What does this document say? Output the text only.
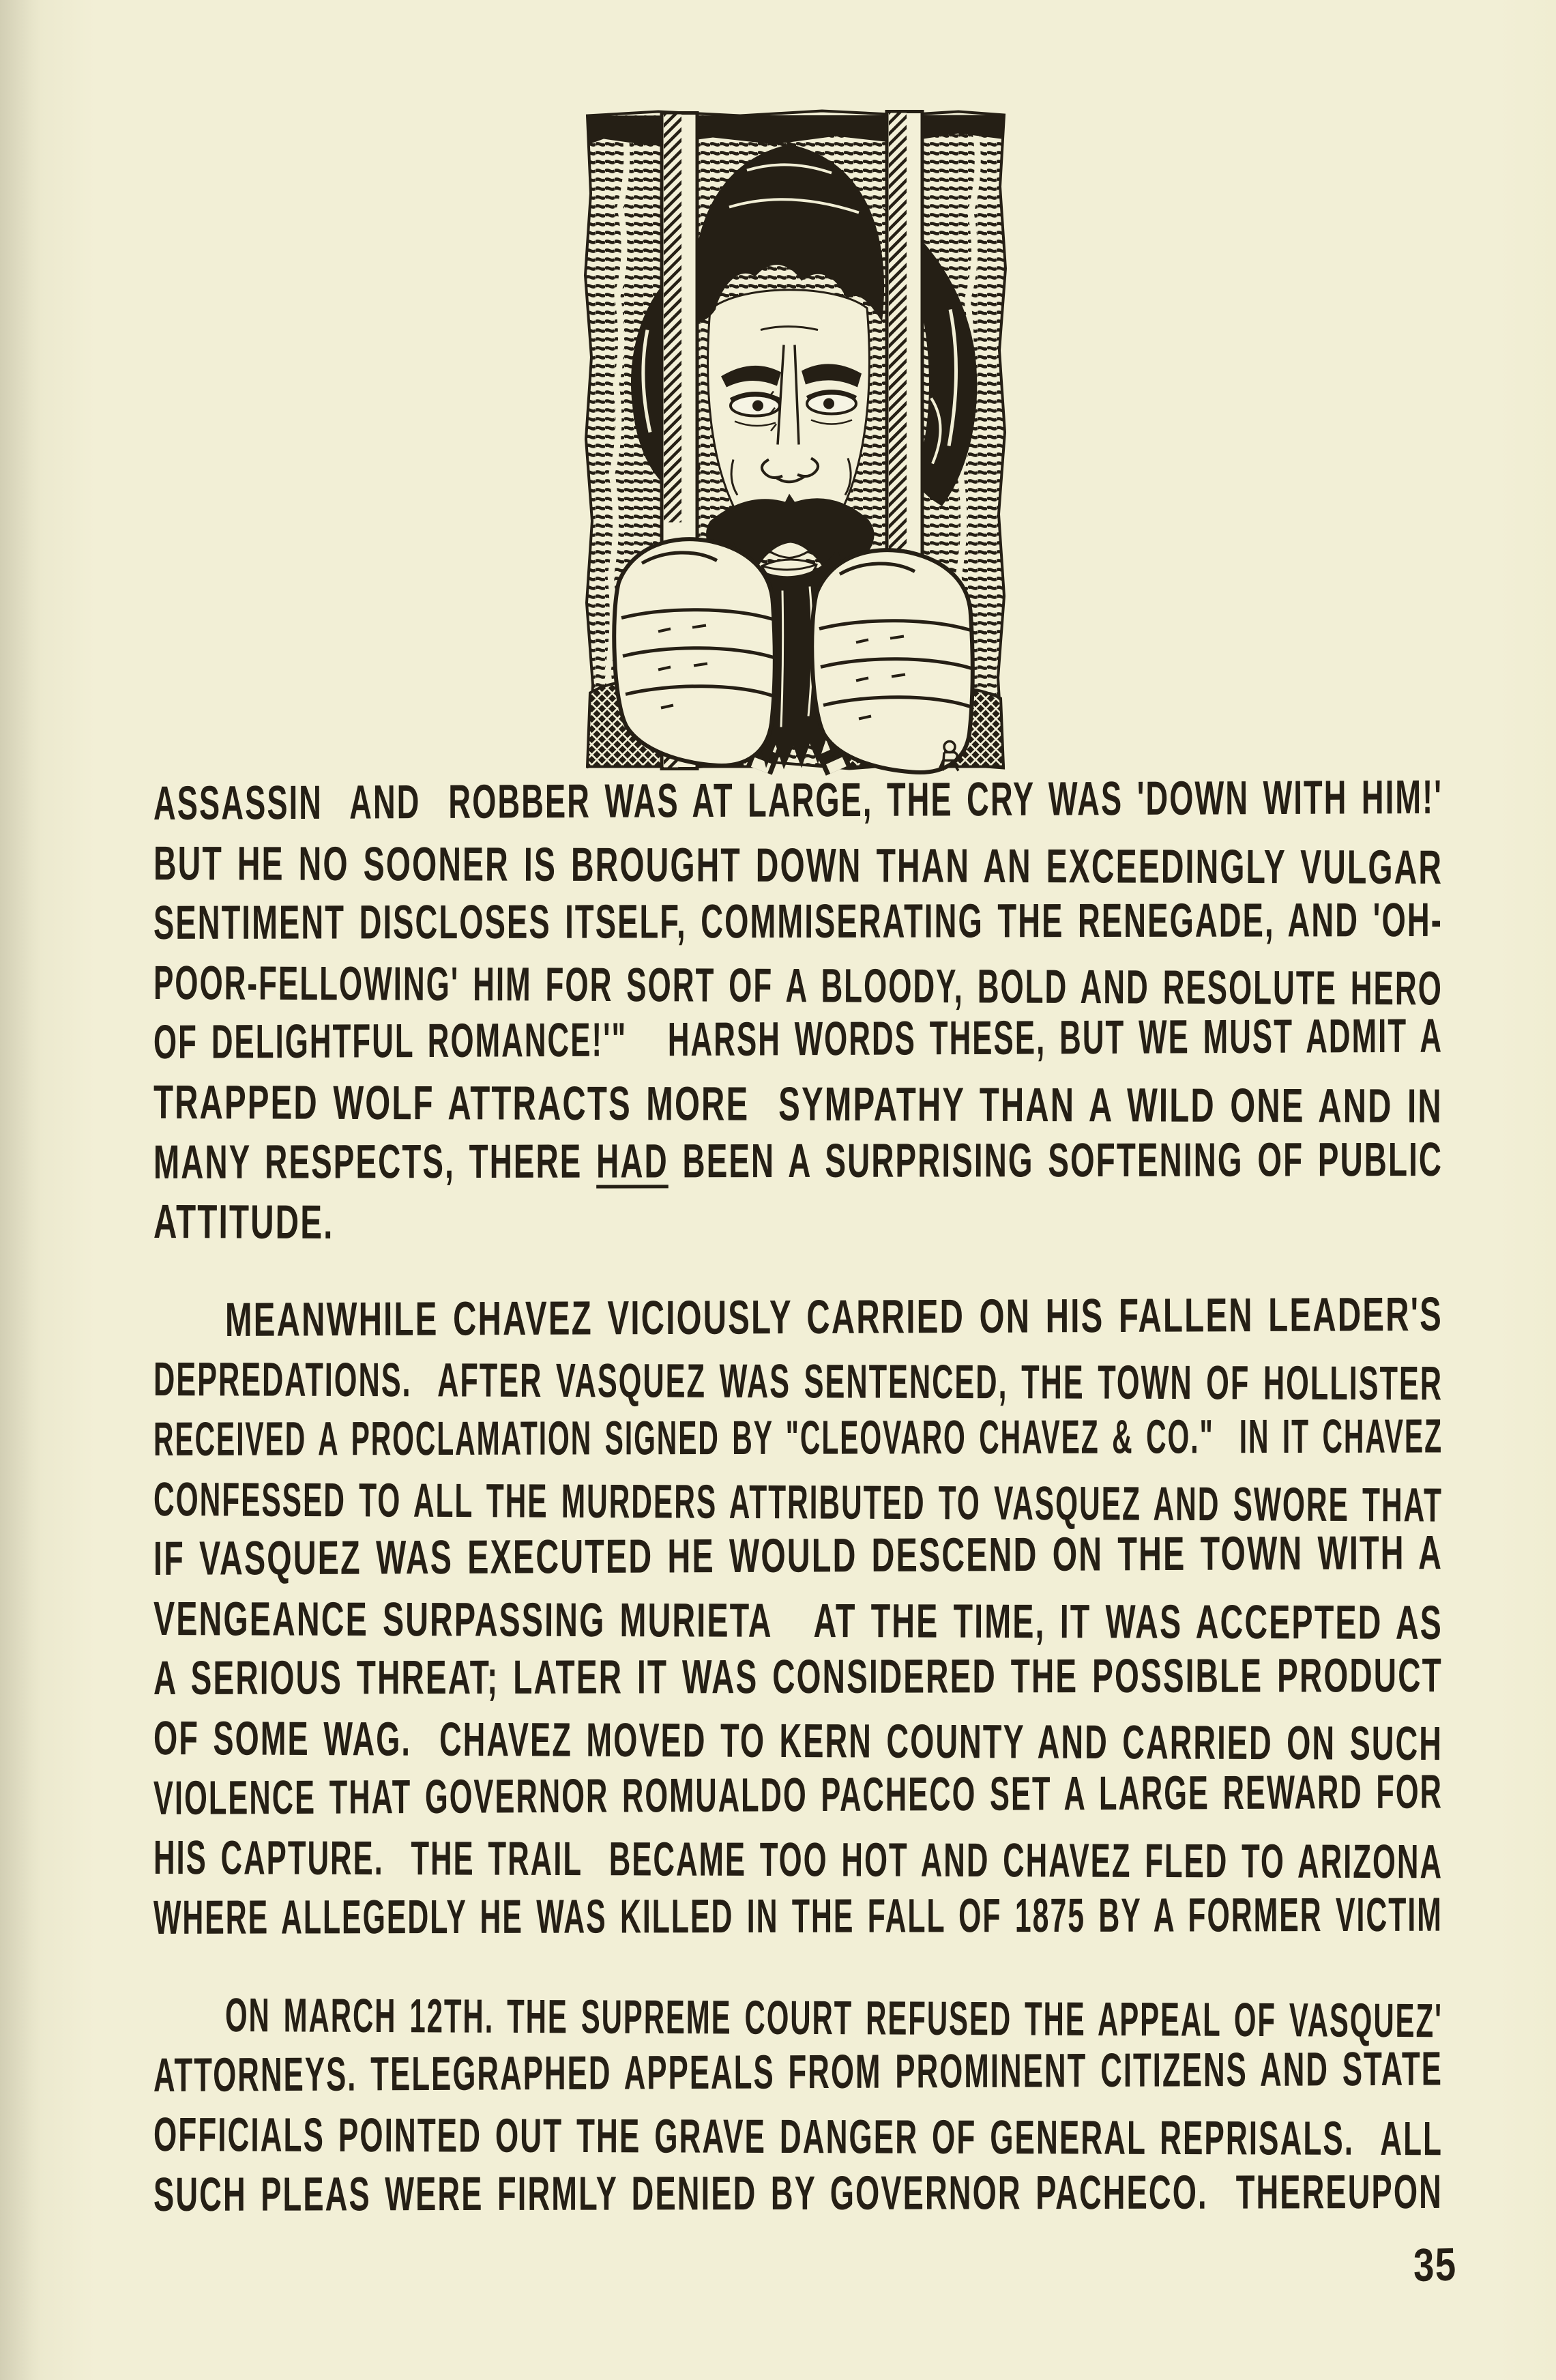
ASSASSIN  AND  ROBBER WAS AT LARGE, THE CRY WAS 'DOWN WITH HIM!'
BUT HE NO SOONER IS BROUGHT DOWN THAN AN EXCEEDINGLY VULGAR
SENTIMENT DISCLOSES ITSELF, COMMISERATING THE RENEGADE, AND 'OH-
POOR-FELLOWING' HIM FOR SORT OF A BLOODY, BOLD AND RESOLUTE HERO
OF DELIGHTFUL ROMANCE!'"   HARSH WORDS THESE, BUT WE MUST ADMIT A
TRAPPED WOLF ATTRACTS MORE  SYMPATHY THAN A WILD ONE AND IN
MANY RESPECTS, THERE HAD BEEN A SURPRISING SOFTENING OF PUBLIC
ATTITUDE.
MEANWHILE CHAVEZ VICIOUSLY CARRIED ON HIS FALLEN LEADER'S
DEPREDATIONS.  AFTER VASQUEZ WAS SENTENCED, THE TOWN OF HOLLISTER
RECEIVED A PROCLAMATION SIGNED BY "CLEOVARO CHAVEZ & CO."  IN IT CHAVEZ
CONFESSED TO ALL THE MURDERS ATTRIBUTED TO VASQUEZ AND SWORE THAT
IF VASQUEZ WAS EXECUTED HE WOULD DESCEND ON THE TOWN WITH A
VENGEANCE SURPASSING MURIETA   AT THE TIME, IT WAS ACCEPTED AS
A SERIOUS THREAT; LATER IT WAS CONSIDERED THE POSSIBLE PRODUCT
OF SOME WAG.  CHAVEZ MOVED TO KERN COUNTY AND CARRIED ON SUCH
VIOLENCE THAT GOVERNOR ROMUALDO PACHECO SET A LARGE REWARD FOR
HIS CAPTURE.  THE TRAIL  BECAME TOO HOT AND CHAVEZ FLED TO ARIZONA
WHERE ALLEGEDLY HE WAS KILLED IN THE FALL OF 1875 BY A FORMER VICTIM
ON MARCH 12TH. THE SUPREME COURT REFUSED THE APPEAL OF VASQUEZ'
ATTORNEYS. TELEGRAPHED APPEALS FROM PROMINENT CITIZENS AND STATE
OFFICIALS POINTED OUT THE GRAVE DANGER OF GENERAL REPRISALS.  ALL
SUCH PLEAS WERE FIRMLY DENIED BY GOVERNOR PACHECO.  THEREUPON
35
